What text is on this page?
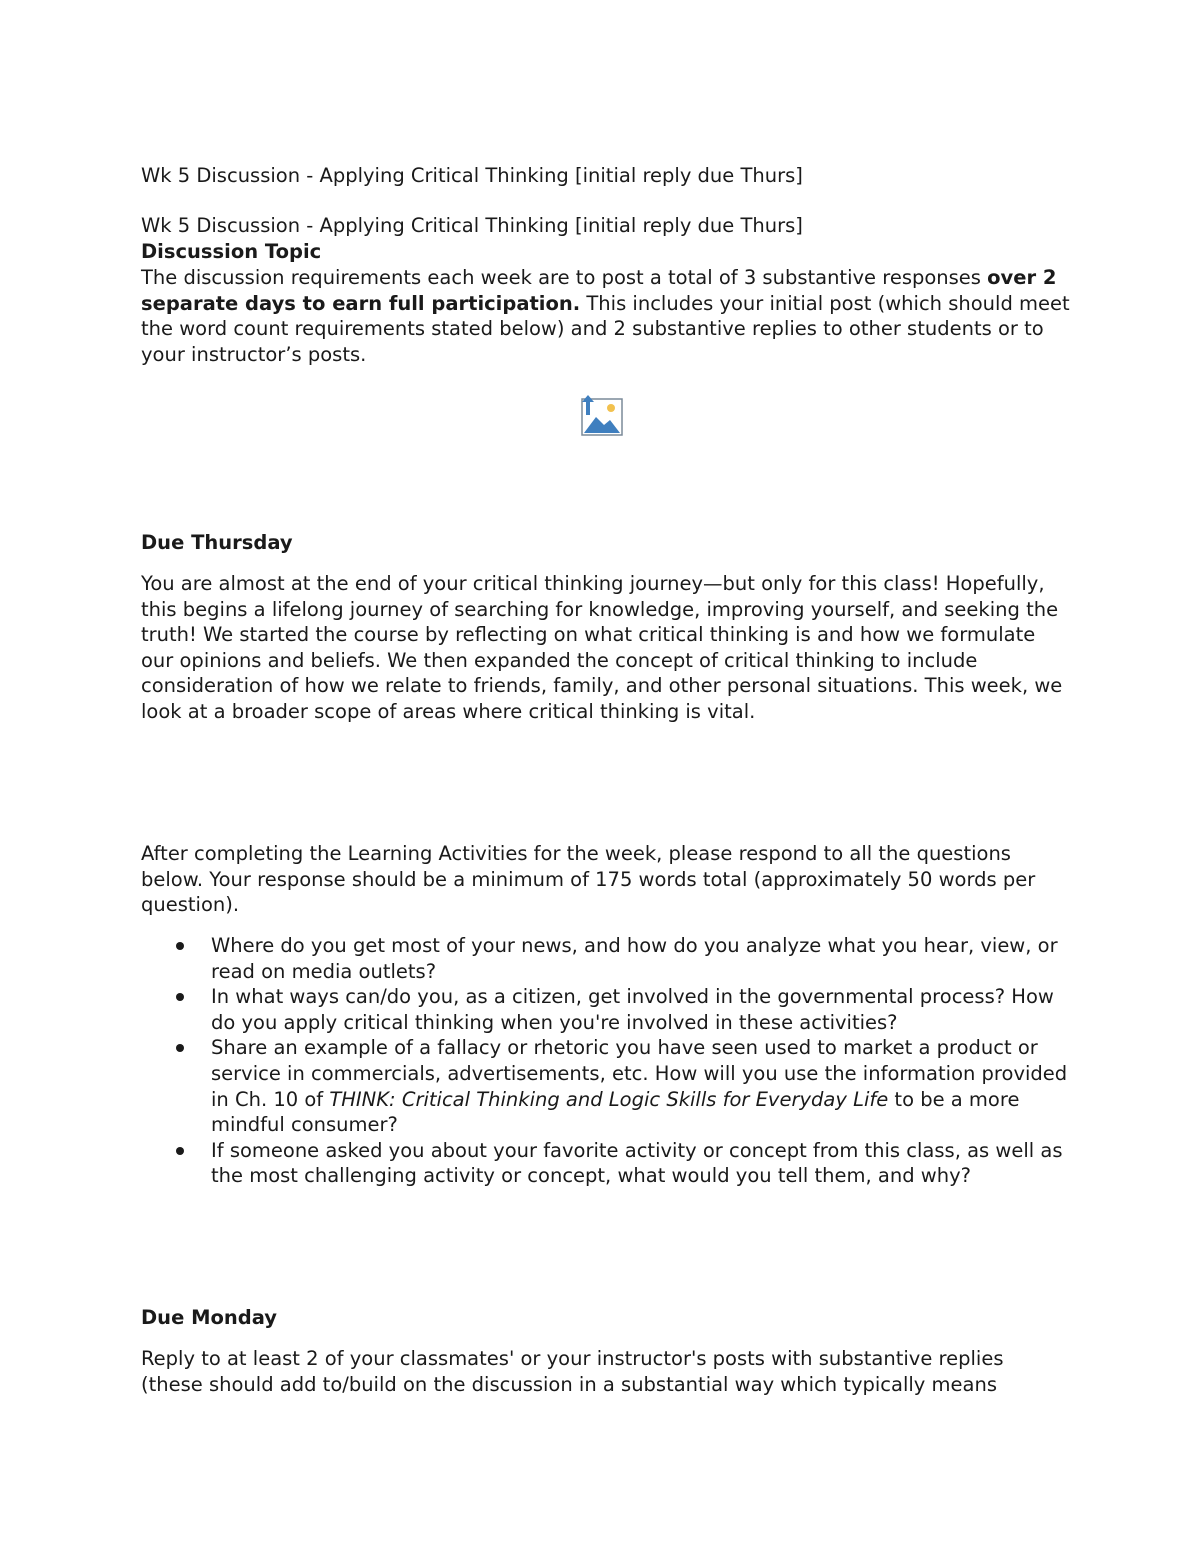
Wk 5 Discussion - Applying Critical Thinking [initial reply due Thurs]
Wk 5 Discussion - Applying Critical Thinking [initial reply due Thurs]
Discussion Topic

The discussion requirements each week are to post a total of 3 substantive responses over 2 separate days to earn full participation. This includes your initial post (which should meet the word count requirements stated below) and 2 substantive replies to other students or to your instructor’s posts.

Due Thursday

You are almost at the end of your critical thinking journey—but only for this class! Hopefully, this begins a lifelong journey of searching for knowledge, improving yourself, and seeking the truth! We started the course by reflecting on what critical thinking is and how we formulate our opinions and beliefs. We then expanded the concept of critical thinking to include consideration of how we relate to friends, family, and other personal situations. This week, we look at a broader scope of areas where critical thinking is vital.

After completing the Learning Activities for the week, please respond to all the questions below. Your response should be a minimum of 175 words total (approximately 50 words per question).

Where do you get most of your news, and how do you analyze what you hear, view, or read on media outlets?
In what ways can/do you, as a citizen, get involved in the governmental process? How do you apply critical thinking when you're involved in these activities?
Share an example of a fallacy or rhetoric you have seen used to market a product or service in commercials, advertisements, etc. How will you use the information provided in Ch. 10 of THINK: Critical Thinking and Logic Skills for Everyday Life to be a more mindful consumer?
If someone asked you about your favorite activity or concept from this class, as well as the most challenging activity or concept, what would you tell them, and why?
Due Monday

Reply to at least 2 of your classmates' or your instructor's posts with substantive replies (these should add to/build on the discussion in a substantial way which typically means
